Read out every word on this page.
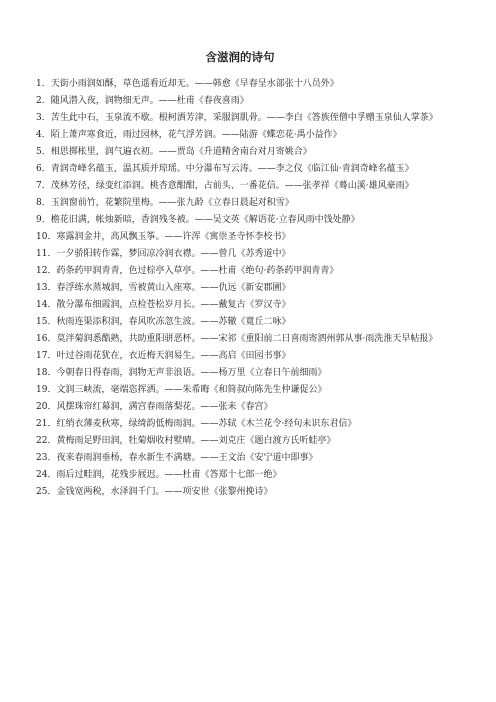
含滋润的诗句
1．天街小雨润如酥，草色遥看近却无。——韩愈《早春呈水部张十八员外》
2．随风潜入夜，润物细无声。——杜甫《春夜喜雨》
3．苦生此中石，玉泉流不歇。根柯洒芳津，采服润肌骨。——李白《答族侄僧中孚赠玉泉仙人掌茶》
4．陌上萧声寒食近，雨过园林，花气浮芳润。——陆游《蝶恋花·禹小益作》
5．相思掷枨里，润气遍衣初。——贾岛《升道精舍南台对月寄姚合》
6．青润奇峰名蕴玉，温其质并琼瑶。中分瀑布写云涛。——李之仪《临江仙·青润奇峰名蕴玉》
7．茂林芳径，绿变红添润。桃杏意酣酣，占前头、一番花信。——张孝祥《蓦山溪·雄风豪雨》
8．玉润窗前竹，花繁院里梅。——张九龄《立春日晨起对积雪》
9．檐花旧满，帐烛新暗，香润残冬被。——吴文英《解语花·立春风雨中饯处静》
10．寒露润金井，高风飘玉筝。——许浑《寓崇圣寺怀李校书》
11．一夕骄阳转作霖，梦回凉冷润衣襟。——曾几《苏秀道中》
12．药条药甲润青青，色过棕亭入草亭。——杜甫《绝句·药条药甲润青青》
13．春浮练水蒸城润，雪被黄山入座寒。——仇远《新安郡圃》
14．散分瀑布细霞润，点检苍松岁月长。——戴复古《罗汉寺》
15．秋雨连渠添积润，春风吹冻忽生波。——苏辙《寬丘二咏》
16．莫泮菊润悉酷熟，共助重阳骈恶杯。——宋祁《重阳前二日喜雨寄泗州郭从事·雨洗淮天早帖报》
17．叶过谷雨花犹在，衣近梅天润易生。——高启《田园书事》
18．今朝春日得春雨，润物无声非浪语。——杨万里《立春日午前细雨》
19．文润三峡流，毫端恣挥洒。——朱希晦《和简叔向陈先生仲谦促公》
20．风摆珠帘红幕润，满宫春雨落梨花。——张耒《春宫》
21．红绡衣薄麦秋寒，绿绮韵低梅雨润。——苏轼《木兰花令·经旬未识东君信》
22．黄梅雨足野田润，牡菊烟收村墅晴。——刘克庄《题白渡方氏听蛙亭》
23．夜来春雨润垂杨，春水新生不满塘。——王文治《安宁道中即事》
24．雨后过畦润，花残步屐迟。——杜甫《答郑十七郎一绝》
25．金钱宽两税，水泽润千门。——项安世《张黎州挽诗》
